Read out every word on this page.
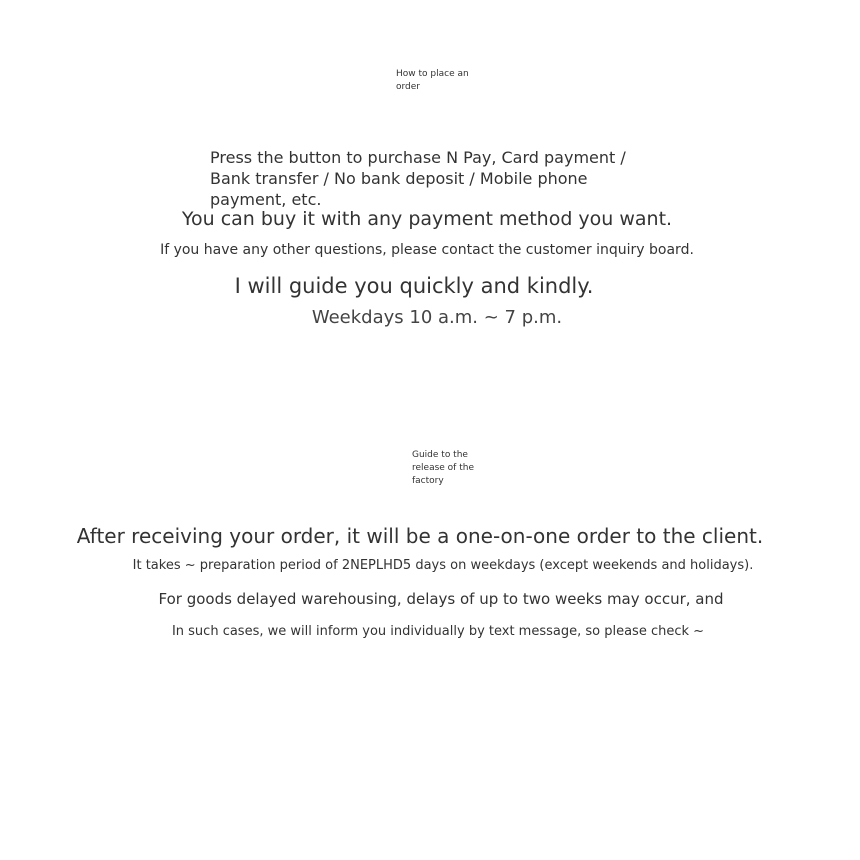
How to place an order
Press the button to purchase N Pay, Card payment / Bank transfer / No bank deposit / Mobile phone payment, etc.
You can buy it with any payment method you want.
If you have any other questions, please contact the customer inquiry board.
I will guide you quickly and kindly.
Weekdays 10 a.m. ~ 7 p.m.
Guide to the release of the factory
After receiving your order, it will be a one-on-one order to the client.
It takes ~ preparation period of 2NEPLHD5 days on weekdays (except weekends and holidays).
For goods delayed warehousing, delays of up to two weeks may occur, and
In such cases, we will inform you individually by text message, so please check ~
